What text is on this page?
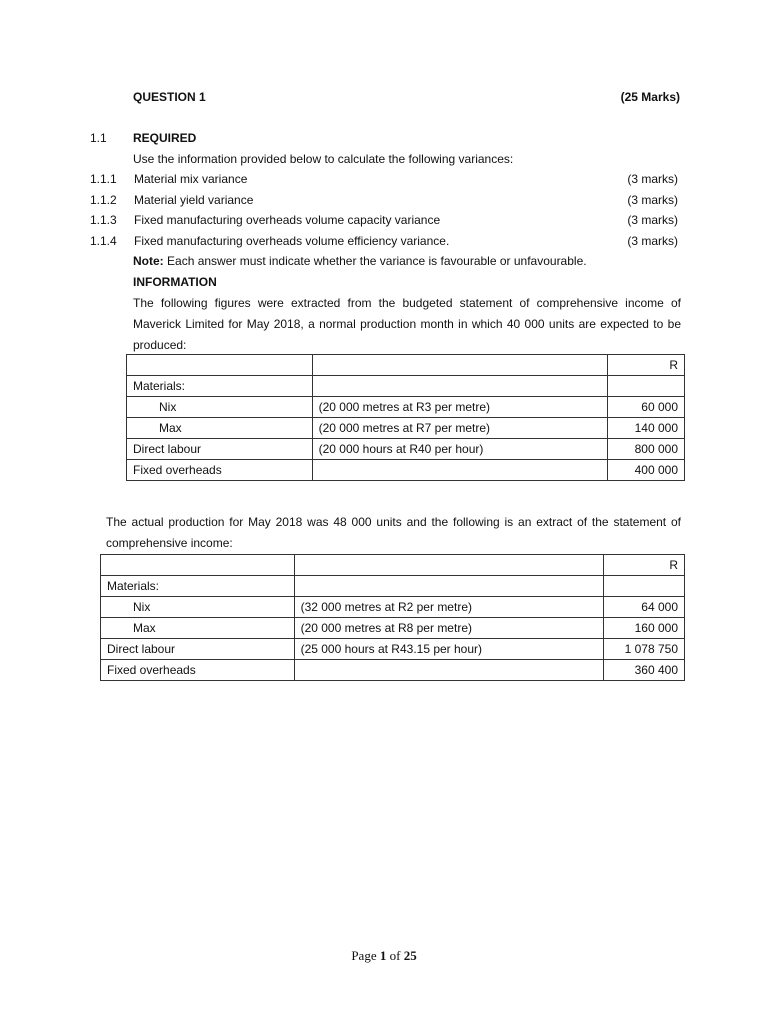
QUESTION 1	(25 Marks)
1.1 REQUIRED
Use the information provided below to calculate the following variances:
1.1.1 Material mix variance	(3 marks)
1.1.2 Material yield variance	(3 marks)
1.1.3 Fixed manufacturing overheads volume capacity variance	(3 marks)
1.1.4 Fixed manufacturing overheads volume efficiency variance.	(3 marks)
Note: Each answer must indicate whether the variance is favourable or unfavourable.
INFORMATION
The following figures were extracted from the budgeted statement of comprehensive income of Maverick Limited for May 2018, a normal production month in which 40 000 units are expected to be produced:
		R
Materials:		
Nix	(20 000 metres at R3 per metre)	60 000
Max	(20 000 metres at R7 per metre)	140 000
Direct labour	(20 000 hours at R40 per hour)	800 000
Fixed overheads		400 000
The actual production for May 2018 was 48 000 units and the following is an extract of the statement of comprehensive income:
		R
Materials:		
Nix	(32 000 metres at R2 per metre)	64 000
Max	(20 000 metres at R8 per metre)	160 000
Direct labour	(25 000 hours at R43.15 per hour)	1 078 750
Fixed overheads		360 400
Page 1 of 25
